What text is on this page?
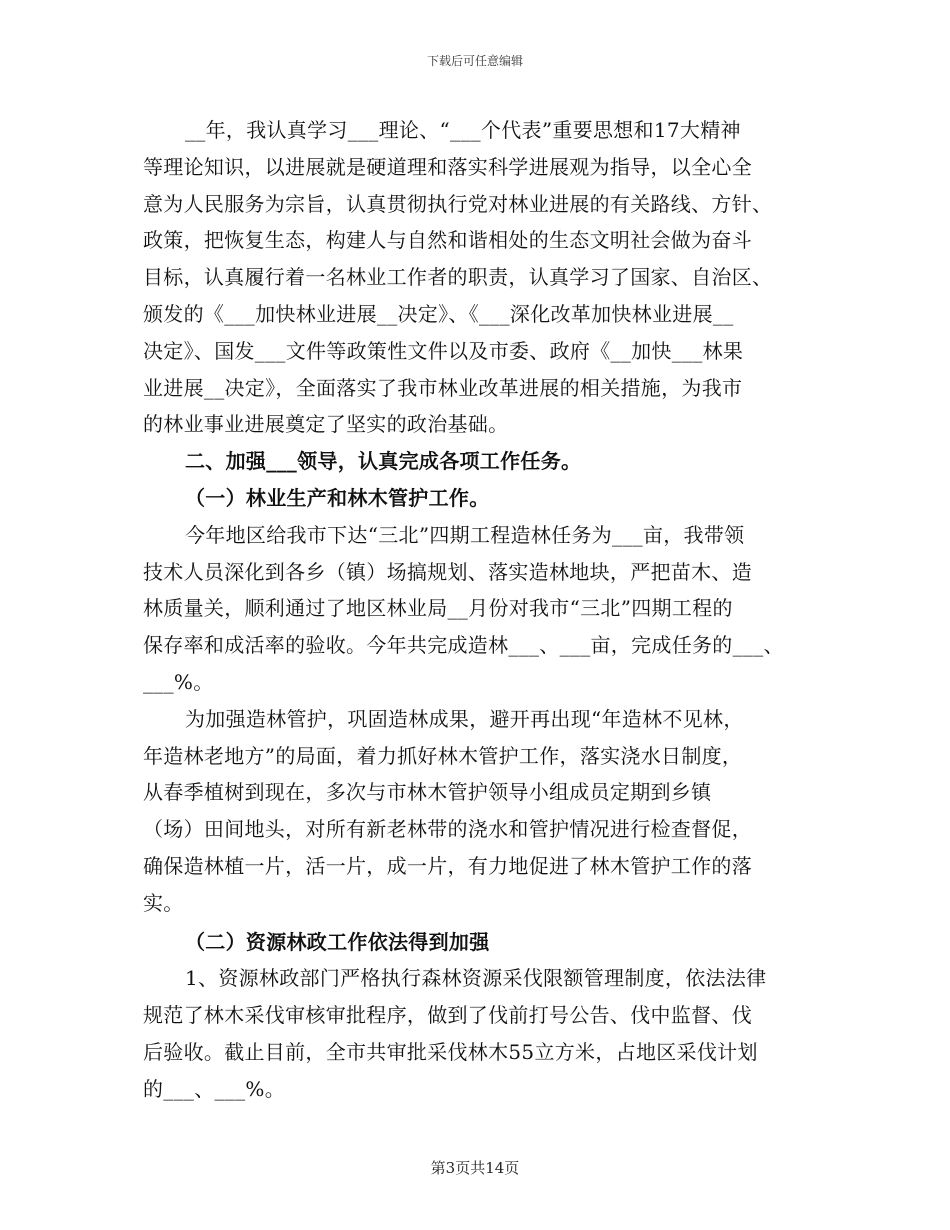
下载后可任意编辑
__年，我认真学习___理论、“___个代表”重要思想和17大精神
等理论知识，以进展就是硬道理和落实科学进展观为指导，以全心全
意为人民服务为宗旨，认真贯彻执行党对林业进展的有关路线、方针、
政策，把恢复生态，构建人与自然和谐相处的生态文明社会做为奋斗
目标，认真履行着一名林业工作者的职责，认真学习了国家、自治区、
颁发的《___加快林业进展__决定》、《___深化改革加快林业进展__
决定》、国发___文件等政策性文件以及市委、政府《__加快___林果
业进展__决定》，全面落实了我市林业改革进展的相关措施，为我市
的林业事业进展奠定了坚实的政治基础。
二、加强___领导，认真完成各项工作任务。
（一）林业生产和林木管护工作。
今年地区给我市下达“三北”四期工程造林任务为___亩，我带领
技术人员深化到各乡（镇）场搞规划、落实造林地块，严把苗木、造
林质量关，顺利通过了地区林业局__月份对我市“三北”四期工程的
保存率和成活率的验收。今年共完成造林___、___亩，完成任务的___、
___%。
为加强造林管护，巩固造林成果，避开再出现“年造林不见林，
年造林老地方”的局面，着力抓好林木管护工作，落实浇水日制度，
从春季植树到现在，多次与市林木管护领导小组成员定期到乡镇
（场）田间地头，对所有新老林带的浇水和管护情况进行检查督促，
确保造林植一片，活一片，成一片，有力地促进了林木管护工作的落
实。
（二）资源林政工作依法得到加强
1、资源林政部门严格执行森林资源采伐限额管理制度，依法法律
规范了林木采伐审核审批程序，做到了伐前打号公告、伐中监督、伐
后验收。截止目前，全市共审批采伐林木55立方米，占地区采伐计划
的___、___%。
第3页共14页
